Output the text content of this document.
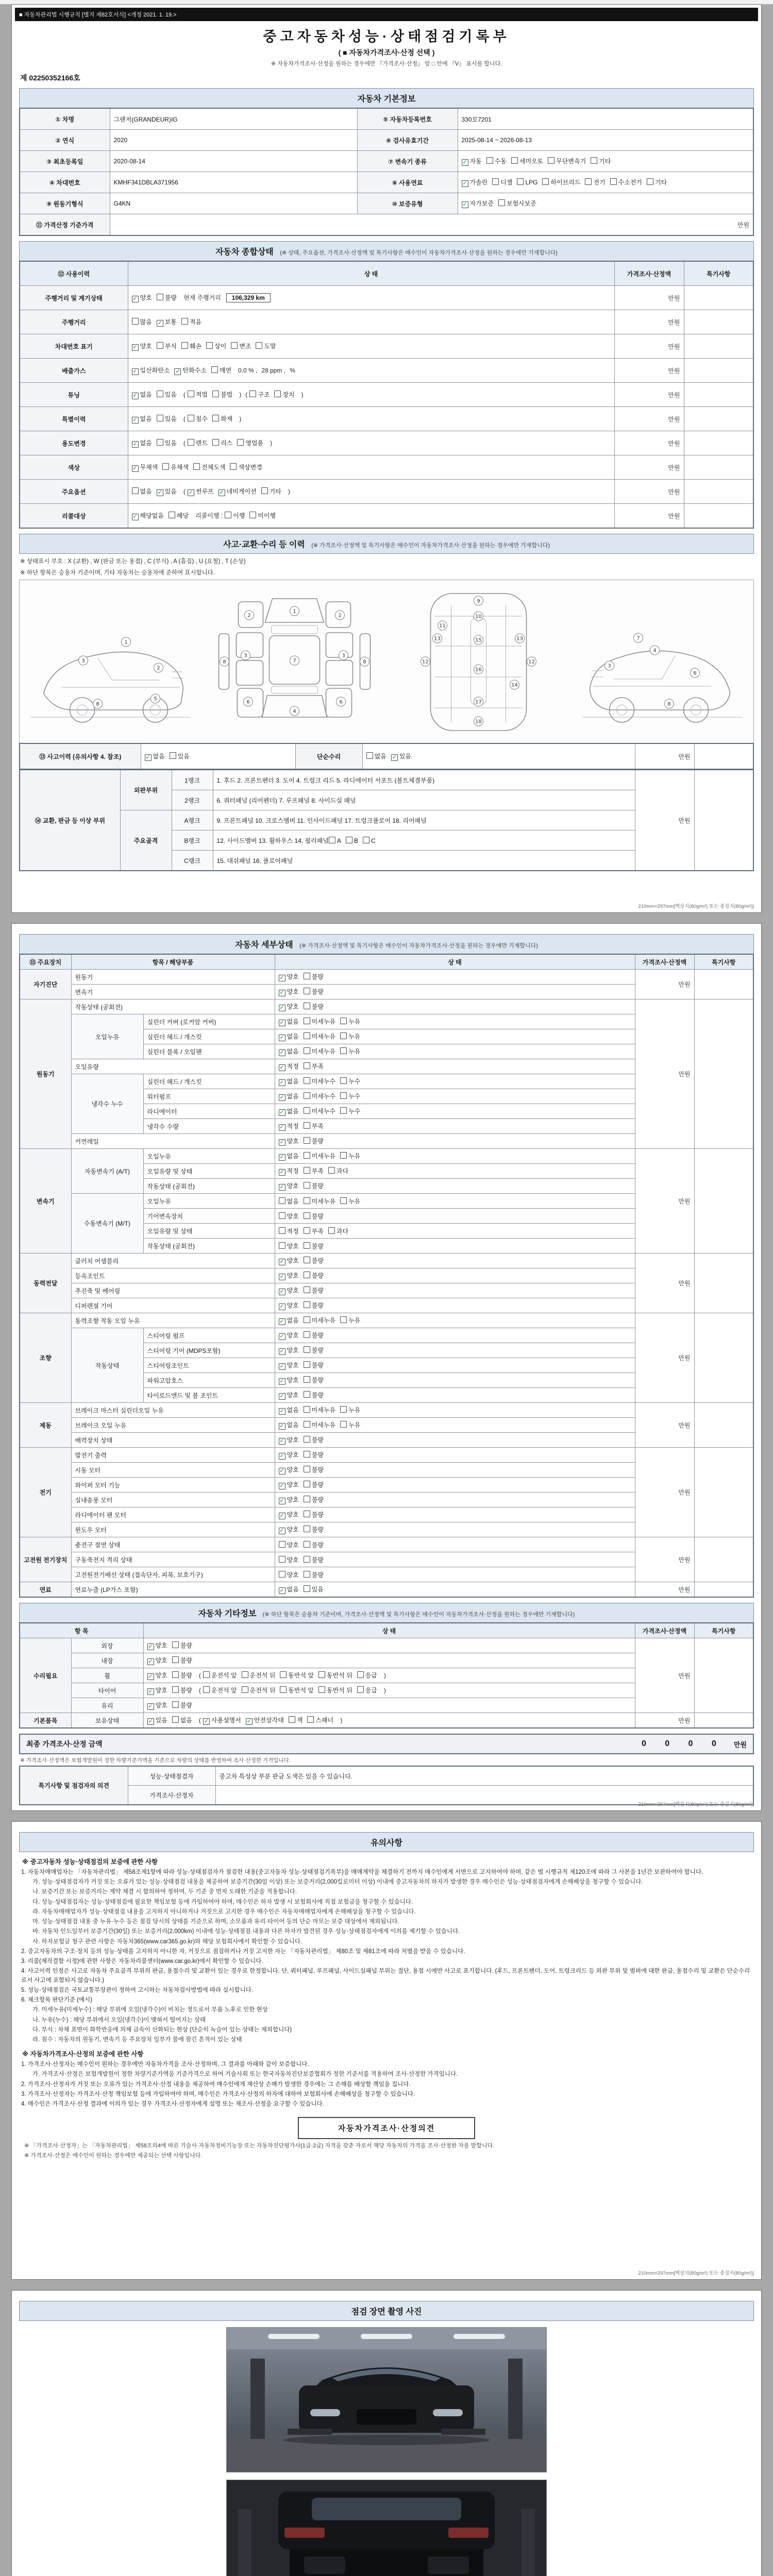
■ 자동차관리법 시행규칙 [별지 제82호서식] <개정 2021. 1. 19.>
중고자동차성능·상태점검기록부
( ■ 자동차가격조사·산정 선택 )
※ 자동차가격조사·산정을 원하는 경우에만 『가격조사·산정』 앞 □ 안에 『Ⅴ』 표시를 합니다.
제 02250352166호
자동차 기본정보
① 차명	그랜저(GRANDEUR)IG	⑤ 자동차등록번호	330로7201
② 연식	2020	⑥ 검사유효기간	2025-08-14 ~ 2026-08-13
③ 최초등록일	2020-08-14	⑦ 변속기 종류	✓ 자동 수동 세미오토 무단변속기 기타
④ 차대번호	KMHF341DBLA371956	⑧ 사용연료	✓ 가솔린 디젤 LPG 하이브리드 전기 수소전기 기타
⑨ 원동기형식	G4KN	⑩ 보증유형	✓ 자가보증 보험사보증
⑪ 가격산정 기준가격	만원		
자동차 종합상태 (※ 상태, 주요옵션, 가격조사·산정액 및 특기사항은 매수인이 자동차가격조사·산정을 원하는 경우에만 기재합니다)
⑫ 사용이력	상 태	가격조사·산정액	특기사항
주행거리 및 계기상태	✓ 양호 불량 현재 주행거리 106,329 km	만원	
주행거리	많음 ✓ 보통 적음	만원	
차대번호 표기	✓ 양호 부식 훼손 상이 변조 도말	만원	
배출가스	✓ 일산화탄소 ✓ 탄화수소 매연 0.0 % , 28 ppm , %	만원	
튜닝	✓ 없음 있음 ( 적법 불법 ) ( 구조 장치 )	만원	
특별이력	✓ 없음 있음 ( 침수 화재 )	만원	
용도변경	✓ 없음 있음 ( 렌트 리스 영업용 )	만원	
색상	✓ 무채색 유채색 전체도색 색상변경	만원	
주요옵션	없음 ✓ 있음 ( ✓ 썬루프 ✓ 네비게이션 기타 )	만원	
리콜대상	✓ 해당없음 해당 리콜이행 : 이행 미이행	만원	
사고·교환·수리 등 이력 (※ 가격조사·산정액 및 특기사항은 매수인이 자동차가격조사·산정을 원하는 경우에만 기재합니다)
※ 상태표시 부호 : X (교환) , W (판금 또는 용접) , C (부식) , A (흠집) , U (요철) , T (손상)
※ 하단 항목은 승용차 기준이며, 기타 자동차는 승용차에 준하여 표시합니다.
1
2
3
5
8
1
2	2
3	3
7
4
6	6
8	8
9
10
11
13	13
12	12
15
16
14
17
18
4
6
7
3
8
⑬ 사고이력 (유의사항 4. 참조)	✓ 없음 있음	단순수리	없음 ✓ 있음	만원	
⑭ 교환, 판금 등 이상 부위	외판부위	1랭크	1. 후드 2. 프론트펜더 3. 도어 4. 트렁크 리드 5. 라디에이터 서포트 (볼트체결부품)	만원	
		2랭크	6. 쿼터패널 (리어펜더) 7. 루프패널 8. 사이드실 패널		
	주요골격	A랭크	9. 프론트패널 10. 크로스멤버 11. 인사이드패널 17. 트렁크플로어 18. 리어패널		
		B랭크	12. 사이드멤버 13. 휠하우스 14. 필러패널 A B C		
		C랭크	15. 대쉬패널 16. 플로어패널		
210mm×297mm[백상지(80g/m²) 또는 중질지(80g/m²)]
자동차 세부상태 (※ 가격조사·산정액 및 특기사항은 매수인이 자동차가격조사·산정을 원하는 경우에만 기재합니다)
⑮ 주요장치	항목 / 해당부품		상 태	가격조사·산정액	특기사항
자기진단	원동기		✓ 양호 불량	만원	
	변속기		✓ 양호 불량		
원동기	작동상태 (공회전)		✓ 양호 불량	만원	
	오일누유	실린더 커버 (로커암 커버)	✓ 없음 미세누유 누유		
		실린더 헤드 / 개스킷	✓ 없음 미세누유 누유		
		실린더 블록 / 오일팬	✓ 없음 미세누유 누유		
	오일유량		✓ 적정 부족		
	냉각수 누수	실린더 헤드 / 개스킷	✓ 없음 미세누수 누수		
		워터펌프	✓ 없음 미세누수 누수		
		라디에이터	✓ 없음 미세누수 누수		
		냉각수 수량	✓ 적정 부족		
	커먼레일		✓ 양호 불량		
변속기	자동변속기 (A/T)	오일누유	✓ 없음 미세누유 누유	만원	
		오일유량 및 상태	✓ 적정 부족 과다		
		작동상태 (공회전)	✓ 양호 불량		
	수동변속기 (M/T)	오일누유	없음 미세누유 누유		
		기어변속장치	양호 불량		
		오일유량 및 상태	적정 부족 과다		
		작동상태 (공회전)	양호 불량		
동력전달	클러치 어셈블리		✓ 양호 불량	만원	
	등속조인트		✓ 양호 불량		
	추진축 및 베어링		✓ 양호 불량		
	디퍼렌셜 기어		✓ 양호 불량		
조향	동력조향 작동 오일 누유		✓ 없음 미세누유 누유	만원	
	작동상태	스티어링 펌프	✓ 양호 불량		
		스티어링 기어 (MDPS포함)	✓ 양호 불량		
		스티어링조인트	✓ 양호 불량		
		파워고압호스	✓ 양호 불량		
		타이로드엔드 및 볼 조인트	✓ 양호 불량		
제동	브레이크 마스터 실린더오일 누유		✓ 없음 미세누유 누유	만원	
	브레이크 오일 누유		✓ 없음 미세누유 누유		
	배력장치 상태		✓ 양호 불량		
전기	발전기 출력		✓ 양호 불량	만원	
	시동 모터		✓ 양호 불량		
	와이퍼 모터 기능		✓ 양호 불량		
	실내송풍 모터		✓ 양호 불량		
	라디에이터 팬 모터		✓ 양호 불량		
	윈도우 모터		✓ 양호 불량		
고전원 전기장치	충전구 절연 상태		양호 불량	만원	
	구동축전지 격리 상태		양호 불량		
	고전원전기배선 상태 (접속단자, 피복, 보호기구)		양호 불량		
연료	연료누출 (LP가스 포함)		✓ 없음 있음	만원	
자동차 기타정보 (※ 하단 항목은 승용차 기준이며, 가격조사·산정액 및 특기사항은 매수인이 자동차가격조사·산정을 원하는 경우에만 기재합니다)
항 목		상 태	가격조사·산정액	특기사항
수리필요	외장	✓ 양호 불량	만원	
	내장	✓ 양호 불량		
	휠	✓ 양호 불량 ( 운전석 앞 운전석 뒤 동반석 앞 동반석 뒤 응급 )		
	타이어	✓ 양호 불량 ( 운전석 앞 운전석 뒤 동반석 앞 동반석 뒤 응급 )		
	유리	✓ 양호 불량		
기본품목	보유상태	✓ 있음 없음 ( ✓ 사용설명서 ✓ 안전삼각대 잭 스패너 )	만원	
최종 가격조사·산정 금액	0 0 0 0 만원
※ 가격조사·산정액은 보험개발원이 정한 차량기준가액을 기준으로 차량의 상태를 반영하여 조사·산정한 가격입니다.
특기사항 및 점검자의 의견	성능·상태점검자	중고차 특성상 부분 판금 도색은 있을 수 있습니다.
	가격조사·산정자	
210mm×297mm[백상지(80g/m²) 또는 중질지(80g/m²)]
유의사항
※ 중고자동차 성능·상태점검의 보증에 관한 사항
1. 자동차매매업자는 「자동차관리법」 제58조제1항에 따라 성능·상태점검자가 점검한 내용(중고자동차 성능·상태점검기록부)을 매매계약을 체결하기 전까지 매수인에게 서면으로 고지하여야 하며, 같은 법 시행규칙 제120조에 따라 그 사본을 1년간 보관하여야 합니다.
가. 성능·상태점검자가 거짓 또는 오류가 있는 성능·상태점검 내용을 제공하여 보증기간(30일 이상) 또는 보증거리(2,000킬로미터 이상) 이내에 중고자동차의 하자가 발생한 경우 매수인은 성능·상태점검자에게 손해배상을 청구할 수 있습니다.
나. 보증기간 또는 보증거리는 계약 체결 시 합의하여 정하며, 두 기준 중 먼저 도래한 기준을 적용합니다.
다. 성능·상태점검자는 성능·상태점검에 필요한 책임보험 등에 가입하여야 하며, 매수인은 하자 발생 시 보험회사에 직접 보험금을 청구할 수 있습니다.
라. 자동차매매업자가 성능·상태점검 내용을 고지하지 아니하거나 거짓으로 고지한 경우 매수인은 자동차매매업자에게 손해배상을 청구할 수 있습니다.
마. 성능·상태점검 내용 중 누유·누수 등은 점검 당시의 상태를 기준으로 하며, 소모품과 유리·타이어 등의 단순 마모는 보증 대상에서 제외됩니다.
바. 자동차 인도일부터 보증기간(30일) 또는 보증거리(2,000km) 이내에 성능·상태점검 내용과 다른 하자가 발견된 경우 성능·상태점검자에게 이의를 제기할 수 있습니다.
사. 하자보험금 청구 관련 사항은 자동차365(www.car365.go.kr)와 해당 보험회사에서 확인할 수 있습니다.
2. 중고자동차의 구조·장치 등의 성능·상태를 고지하지 아니한 자, 거짓으로 점검하거나 거짓 고지한 자는 「자동차관리법」 제80조 및 제81조에 따라 처벌을 받을 수 있습니다.
3. 리콜(제작결함 시정)에 관한 사항은 자동차리콜센터(www.car.go.kr)에서 확인할 수 있습니다.
4. 사고이력 인정은 사고로 자동차 주요골격 부위의 판금, 용접수리 및 교환이 있는 경우로 한정합니다. 단, 쿼터패널, 루프패널, 사이드실패널 부위는 절단, 용접 시에만 사고로 표기합니다. (후드, 프론트펜더, 도어, 트렁크리드 등 외판 부위 및 범퍼에 대한 판금, 용접수리 및 교환은 단순수리로서 사고에 포함되지 않습니다.)
5. 성능·상태점검은 국토교통부장관이 정하여 고시하는 자동차검사방법에 따라 실시합니다.
6. 체크항목 판단기준 (예시)
가. 미세누유(미세누수) : 해당 부위에 오일(냉각수)이 비치는 정도로서 부품 노후로 인한 현상
나. 누유(누수) : 해당 부위에서 오일(냉각수)이 맺혀서 떨어지는 상태
다. 부식 : 차체 표면이 화학반응에 의해 금속이 산화되는 현상 (단순히 녹슬어 있는 상태는 제외합니다)
라. 침수 : 자동차의 원동기, 변속기 등 주요장치 일부가 물에 잠긴 흔적이 있는 상태
※ 자동차가격조사·산정의 보증에 관한 사항
1. 가격조사·산정자는 매수인이 원하는 경우에만 자동차가격을 조사·산정하며, 그 결과를 아래와 같이 보증합니다.
가. 가격조사·산정은 보험개발원이 정한 차량기준가액을 기준가격으로 하여 기술사회 또는 한국자동차진단보증협회가 정한 기준서를 적용하여 조사·산정한 가격입니다.
2. 가격조사·산정자가 거짓 또는 오류가 있는 가격조사·산정 내용을 제공하여 매수인에게 재산상 손해가 발생한 경우에는 그 손해를 배상할 책임을 집니다.
3. 가격조사·산정자는 가격조사·산정 책임보험 등에 가입하여야 하며, 매수인은 가격조사·산정의 하자에 대하여 보험회사에 손해배상을 청구할 수 있습니다.
4. 매수인은 가격조사·산정 결과에 이의가 있는 경우 가격조사·산정자에게 설명 또는 재조사·산정을 요구할 수 있습니다.
자동차가격조사·산정의견
※ 「가격조사·산정자」는 「자동차관리법」 제58조의4에 따른 기술사·자동차정비기능장 또는 자동차진단평가사(1급·2급) 자격을 갖춘 자로서 해당 자동차의 가격을 조사·산정한 자를 말합니다.
※ 가격조사·산정은 매수인이 원하는 경우에만 제공되는 선택 사항입니다.
210mm×297mm[백상지(80g/m²) 또는 중질지(80g/m²)]
점검 장면 촬영 사진
